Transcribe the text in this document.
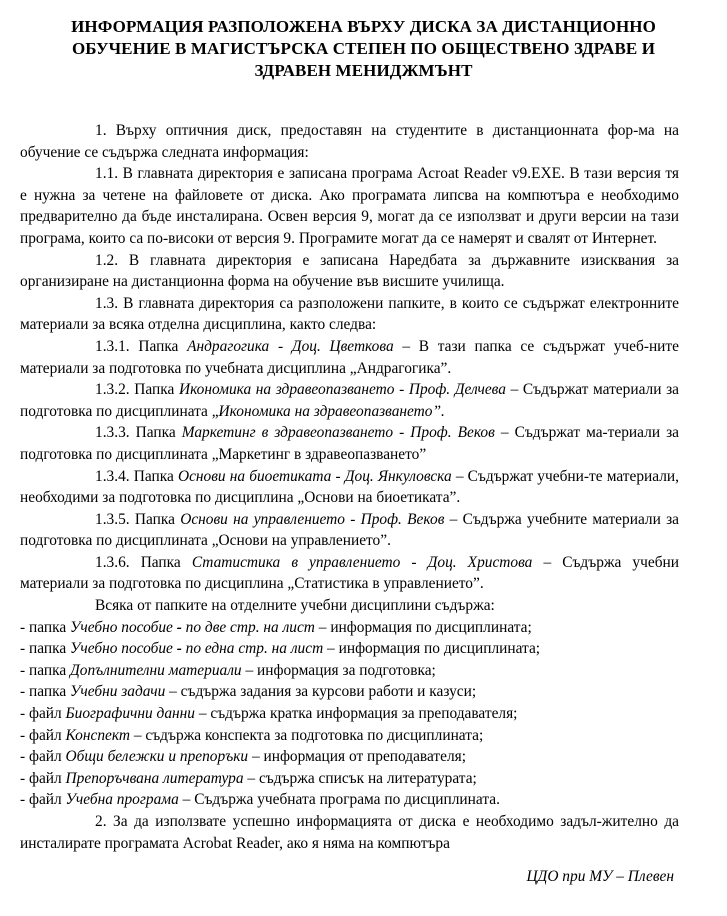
ИНФОРМАЦИЯ РАЗПОЛОЖЕНА ВЪРХУ ДИСКА ЗА ДИСТАНЦИОННО
ОБУЧЕНИЕ В МАГИСТЪРСКА СТЕПЕН ПО ОБЩЕСТВЕНО ЗДРАВЕ И
ЗДРАВЕН МЕНИДЖМЪНТ

1. Върху оптичния диск, предоставян на студентите в дистанционната фор-ма на обучение се съдържа следната информация:

1.1. В главната директория е записана програма Acroat Reader v9.EXE. В тази версия тя е нужна за четене на файловете от диска. Ако програмата липсва на компютъра е необходимо предварително да бъде инсталирана. Освен версия 9, могат да се използват и други версии на тази програма, които са по-високи от версия 9. Програмите могат да се намерят и свалят от Интернет.

1.2. В главната директория е записана Наредбата за държавните изисквания за организиране на дистанционна форма на обучение във висшите училища.

1.3. В главната директория са разположени папките, в които се съдържат електронните материали за всяка отделна дисциплина, както следва:

1.3.1. Папка Андрагогика - Доц. Цветкова – В тази папка се съдържат учеб-ните материали за подготовка по учебната дисциплина „Андрагогика”.

1.3.2. Папка Икономика на здравеопазването - Проф. Делчева – Съдържат материали за подготовка по дисциплината „Икономика на здравеопазването”.

1.3.3. Папка Маркетинг в здравеопазването - Проф. Веков – Съдържат ма-териали за подготовка по дисциплината „Маркетинг в здравеопазването”

1.3.4. Папка Основи на биоетиката - Доц. Янкуловска – Съдържат учебни-те материали, необходими за подготовка по дисциплина „Основи на биоетиката”.

1.3.5. Папка Основи на управлението - Проф. Веков – Съдържа учебните материали за подготовка по дисциплината „Основи на управлението”.

1.3.6. Папка Статистика в управлението - Доц. Христова – Съдържа учебни материали за подготовка по дисциплина „Статистика в управлението”.

Всяка от папките на отделните учебни дисциплини съдържа:

- папка Учебно пособие - по две стр. на лист – информация по дисциплината;

- папка Учебно пособие - по една стр. на лист – информация по дисциплината;

- папка Допълнителни материали – информация за подготовка;

- папка Учебни задачи – съдържа задания за курсови работи и казуси;

- файл Биографични данни – съдържа кратка информация за преподавателя;

- файл Конспект – съдържа конспекта за подготовка по дисциплината;

- файл Общи бележки и препоръки – информация от преподавателя;

- файл Препоръчвана литература – съдържа списък на литературата;

- файл Учебна програма – Съдържа учебната програма по дисциплината.

2. За да използвате успешно информацията от диска е необходимо задъл-жително да инсталирате програмата Acrobat Reader, ако я няма на компютъра

ЦДО при МУ – Плевен
